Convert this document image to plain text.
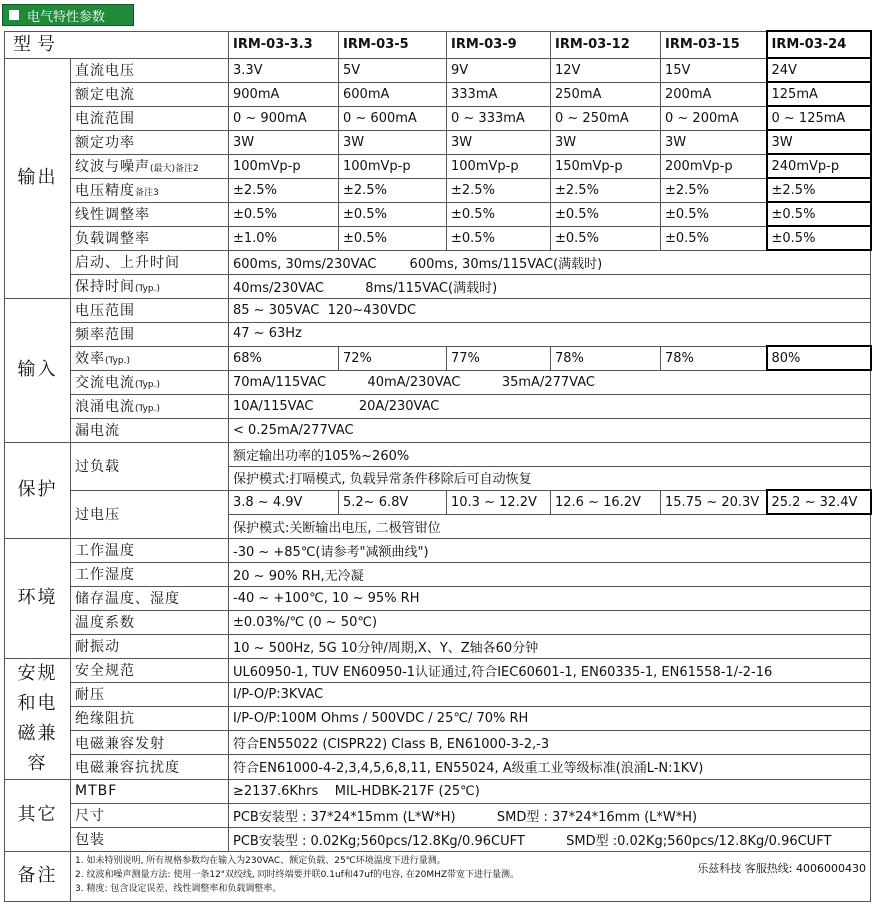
电气特性参数
型号		IRM-03-3.3	IRM-03-5	IRM-03-9	IRM-03-12	IRM-03-15	IRM-03-24
输出	直流电压	3.3V	5V	9V	12V	15V	24V
	额定电流	900mA	600mA	333mA	250mA	200mA	125mA
	电流范围	0 ~ 900mA	0 ~ 600mA	0 ~ 333mA	0 ~ 250mA	0 ~ 200mA	0 ~ 125mA
	额定功率	3W	3W	3W	3W	3W	3W
	纹波与噪声(最大)备注2	100mVp-p	100mVp-p	100mVp-p	150mVp-p	200mVp-p	240mVp-p
	电压精度备注3	±2.5%	±2.5%	±2.5%	±2.5%	±2.5%	±2.5%
	线性调整率	±0.5%	±0.5%	±0.5%	±0.5%	±0.5%	±0.5%
	负载调整率	±1.0%	±0.5%	±0.5%	±0.5%	±0.5%	±0.5%
	启动、上升时间	600ms, 30ms/230VAC        600ms, 30ms/115VAC(满载时)					
	保持时间(Typ.)	40ms/230VAC          8ms/115VAC(满载时)					
输入	电压范围	85 ~ 305VAC  120~430VDC					
	频率范围	47 ~ 63Hz					
	效率(Typ.)	68%	72%	77%	78%	78%	80%
	交流电流(Typ.)	70mA/115VAC          40mA/230VAC          35mA/277VAC					
	浪涌电流(Typ.)	10A/115VAC           20A/230VAC					
	漏电流	< 0.25mA/277VAC					
保护	过负载	额定输出功率的105%~260%					
		保护模式:打嗝模式, 负载异常条件移除后可自动恢复					
	过电压	3.8 ~ 4.9V	5.2~ 6.8V	10.3 ~ 12.2V	12.6 ~ 16.2V	15.75 ~ 20.3V	25.2 ~ 32.4V
		保护模式:关断输出电压, 二极管钳位					

环境	工作温度	-30 ~ +85℃(请参考"减额曲线")					
	工作湿度	20 ~ 90% RH,无冷凝					
	储存温度、湿度	-40 ~ +100℃, 10 ~ 95% RH					
	温度系数	±0.03%/℃ (0 ~ 50℃)					
	耐振动	10 ~ 500Hz, 5G 10分钟/周期,X、Y、Z轴各60分钟					
安规和电磁兼容	安全规范	UL60950-1, TUV EN60950-1认证通过,符合IEC60601-1, EN60335-1, EN61558-1/-2-16					
	耐压	I/P-O/P:3KVAC					
	绝缘阻抗	I/P-O/P:100M Ohms / 500VDC / 25℃/ 70% RH					
	电磁兼容发射	符合EN55022 (CISPR22) Class B, EN61000-3-2,-3					
	电磁兼容抗扰度	符合EN61000-4-2,3,4,5,6,8,11, EN55024, A级重工业等级标准(浪涌L-N:1KV)					
其它	MTBF	≥2137.6Khrs    MIL-HDBK-217F (25℃)					
	尺寸	PCB安装型 : 37*24*15mm (L*W*H)          SMD型 : 37*24*16mm (L*W*H)					
	包装	PCB安装型 : 0.02Kg;560pcs/12.8Kg/0.96CUFT          SMD型 :0.02Kg;560pcs/12.8Kg/0.96CUFT					
备注	乐兹科技 客服热线: 4006000430
1. 如未特别说明, 所有规格参数均在输入为230VAC、额定负载、25℃环境温度下进行量测。
2. 纹波和噪声测量方法: 使用一条12"双绞线, 同时终端要并联0.1uf和47uf的电容, 在20MHZ带宽下进行量测。
3. 精度: 包含设定误差、线性调整率和负载调整率。						
